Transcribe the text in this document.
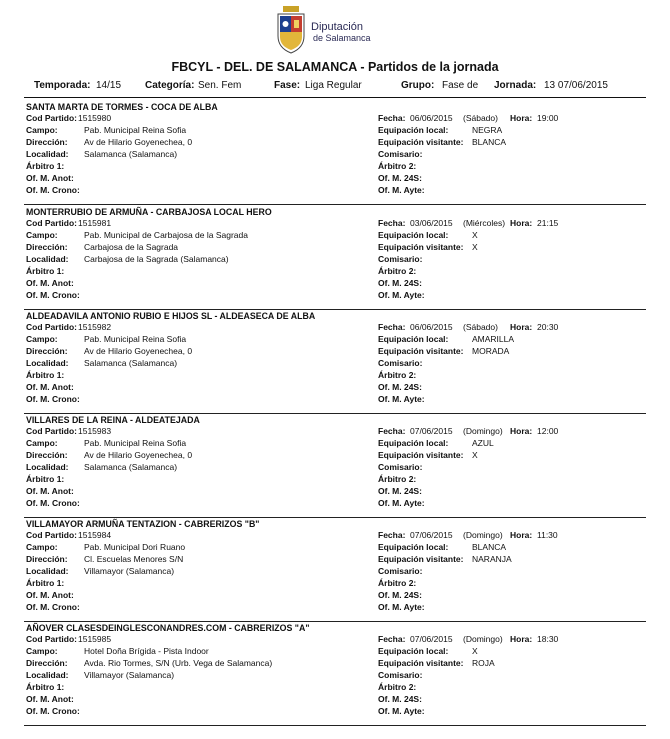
Diputación
de Salamanca
FBCYL - DEL. DE SALAMANCA - Partidos de la jornada
Temporada: 14/15 Categoría: Sen. Fem	Fase: Liga Regular	Grupo: Fase de Jornada: 13 07/06/2015
SANTA MARTA DE TORMES - COCA DE ALBA
Cod Partido: 1515980	Fecha: 06/06/2015 (Sábado) Hora: 19:00
Campo:	Pab. Municipal Reina Sofia	Equipación local:	NEGRA
Dirección: Av de Hilario Goyenechea, 0	Equipación visitante: BLANCA
Localidad: Salamanca (Salamanca)	Comisario:
Árbitro 1:	Árbitro 2:
Of. M. Anot:	Of. M. 24S:
Of. M. Crono:	Of. M. Ayte:
MONTERRUBIO DE ARMUÑA - CARBAJOSA LOCAL HERO
Cod Partido: 1515981	Fecha: 03/06/2015 (Miércoles) Hora: 21:15
Campo:	Pab. Municipal de Carbajosa de la Sagrada	Equipación local:	X
Dirección: Carbajosa de la Sagrada	Equipación visitante: X
Localidad: Carbajosa de la Sagrada (Salamanca)	Comisario:
Árbitro 1:	Árbitro 2:
Of. M. Anot:	Of. M. 24S:
Of. M. Crono:	Of. M. Ayte:
ALDEADAVILA ANTONIO RUBIO E HIJOS SL - ALDEASECA DE ALBA
Cod Partido: 1515982	Fecha: 06/06/2015 (Sábado) Hora: 20:30
Campo:	Pab. Municipal Reina Sofia	Equipación local:	AMARILLA
Dirección: Av de Hilario Goyenechea, 0	Equipación visitante: MORADA
Localidad: Salamanca (Salamanca)	Comisario:
Árbitro 1:	Árbitro 2:
Of. M. Anot:	Of. M. 24S:
Of. M. Crono:	Of. M. Ayte:
VILLARES DE LA REINA - ALDEATEJADA
Cod Partido: 1515983	Fecha: 07/06/2015 (Domingo) Hora: 12:00
Campo:	Pab. Municipal Reina Sofia	Equipación local:	AZUL
Dirección: Av de Hilario Goyenechea, 0	Equipación visitante: X
Localidad: Salamanca (Salamanca)	Comisario:
Árbitro 1:	Árbitro 2:
Of. M. Anot:	Of. M. 24S:
Of. M. Crono:	Of. M. Ayte:
VILLAMAYOR ARMUÑA TENTAZION - CABRERIZOS "B"
Cod Partido: 1515984	Fecha: 07/06/2015 (Domingo) Hora: 11:30
Campo:	Pab. Municipal Dori Ruano	Equipación local:	BLANCA
Dirección: Cl. Escuelas Menores S/N	Equipación visitante: NARANJA
Localidad: Villamayor (Salamanca)	Comisario:
Árbitro 1:	Árbitro 2:
Of. M. Anot:	Of. M. 24S:
Of. M. Crono:	Of. M. Ayte:
AÑOVER CLASESDEINGLESCONANDRES.COM - CABRERIZOS "A"
Cod Partido: 1515985	Fecha: 07/06/2015 (Domingo) Hora: 18:30
Campo:	Hotel Doña Brígida - Pista Indoor	Equipación local:	X
Dirección: Avda. Rio Tormes, S/N (Urb. Vega de Salamanca)	Equipación visitante: ROJA
Localidad: Villamayor (Salamanca)	Comisario:
Árbitro 1:	Árbitro 2:
Of. M. Anot:	Of. M. 24S:
Of. M. Crono:	Of. M. Ayte:
